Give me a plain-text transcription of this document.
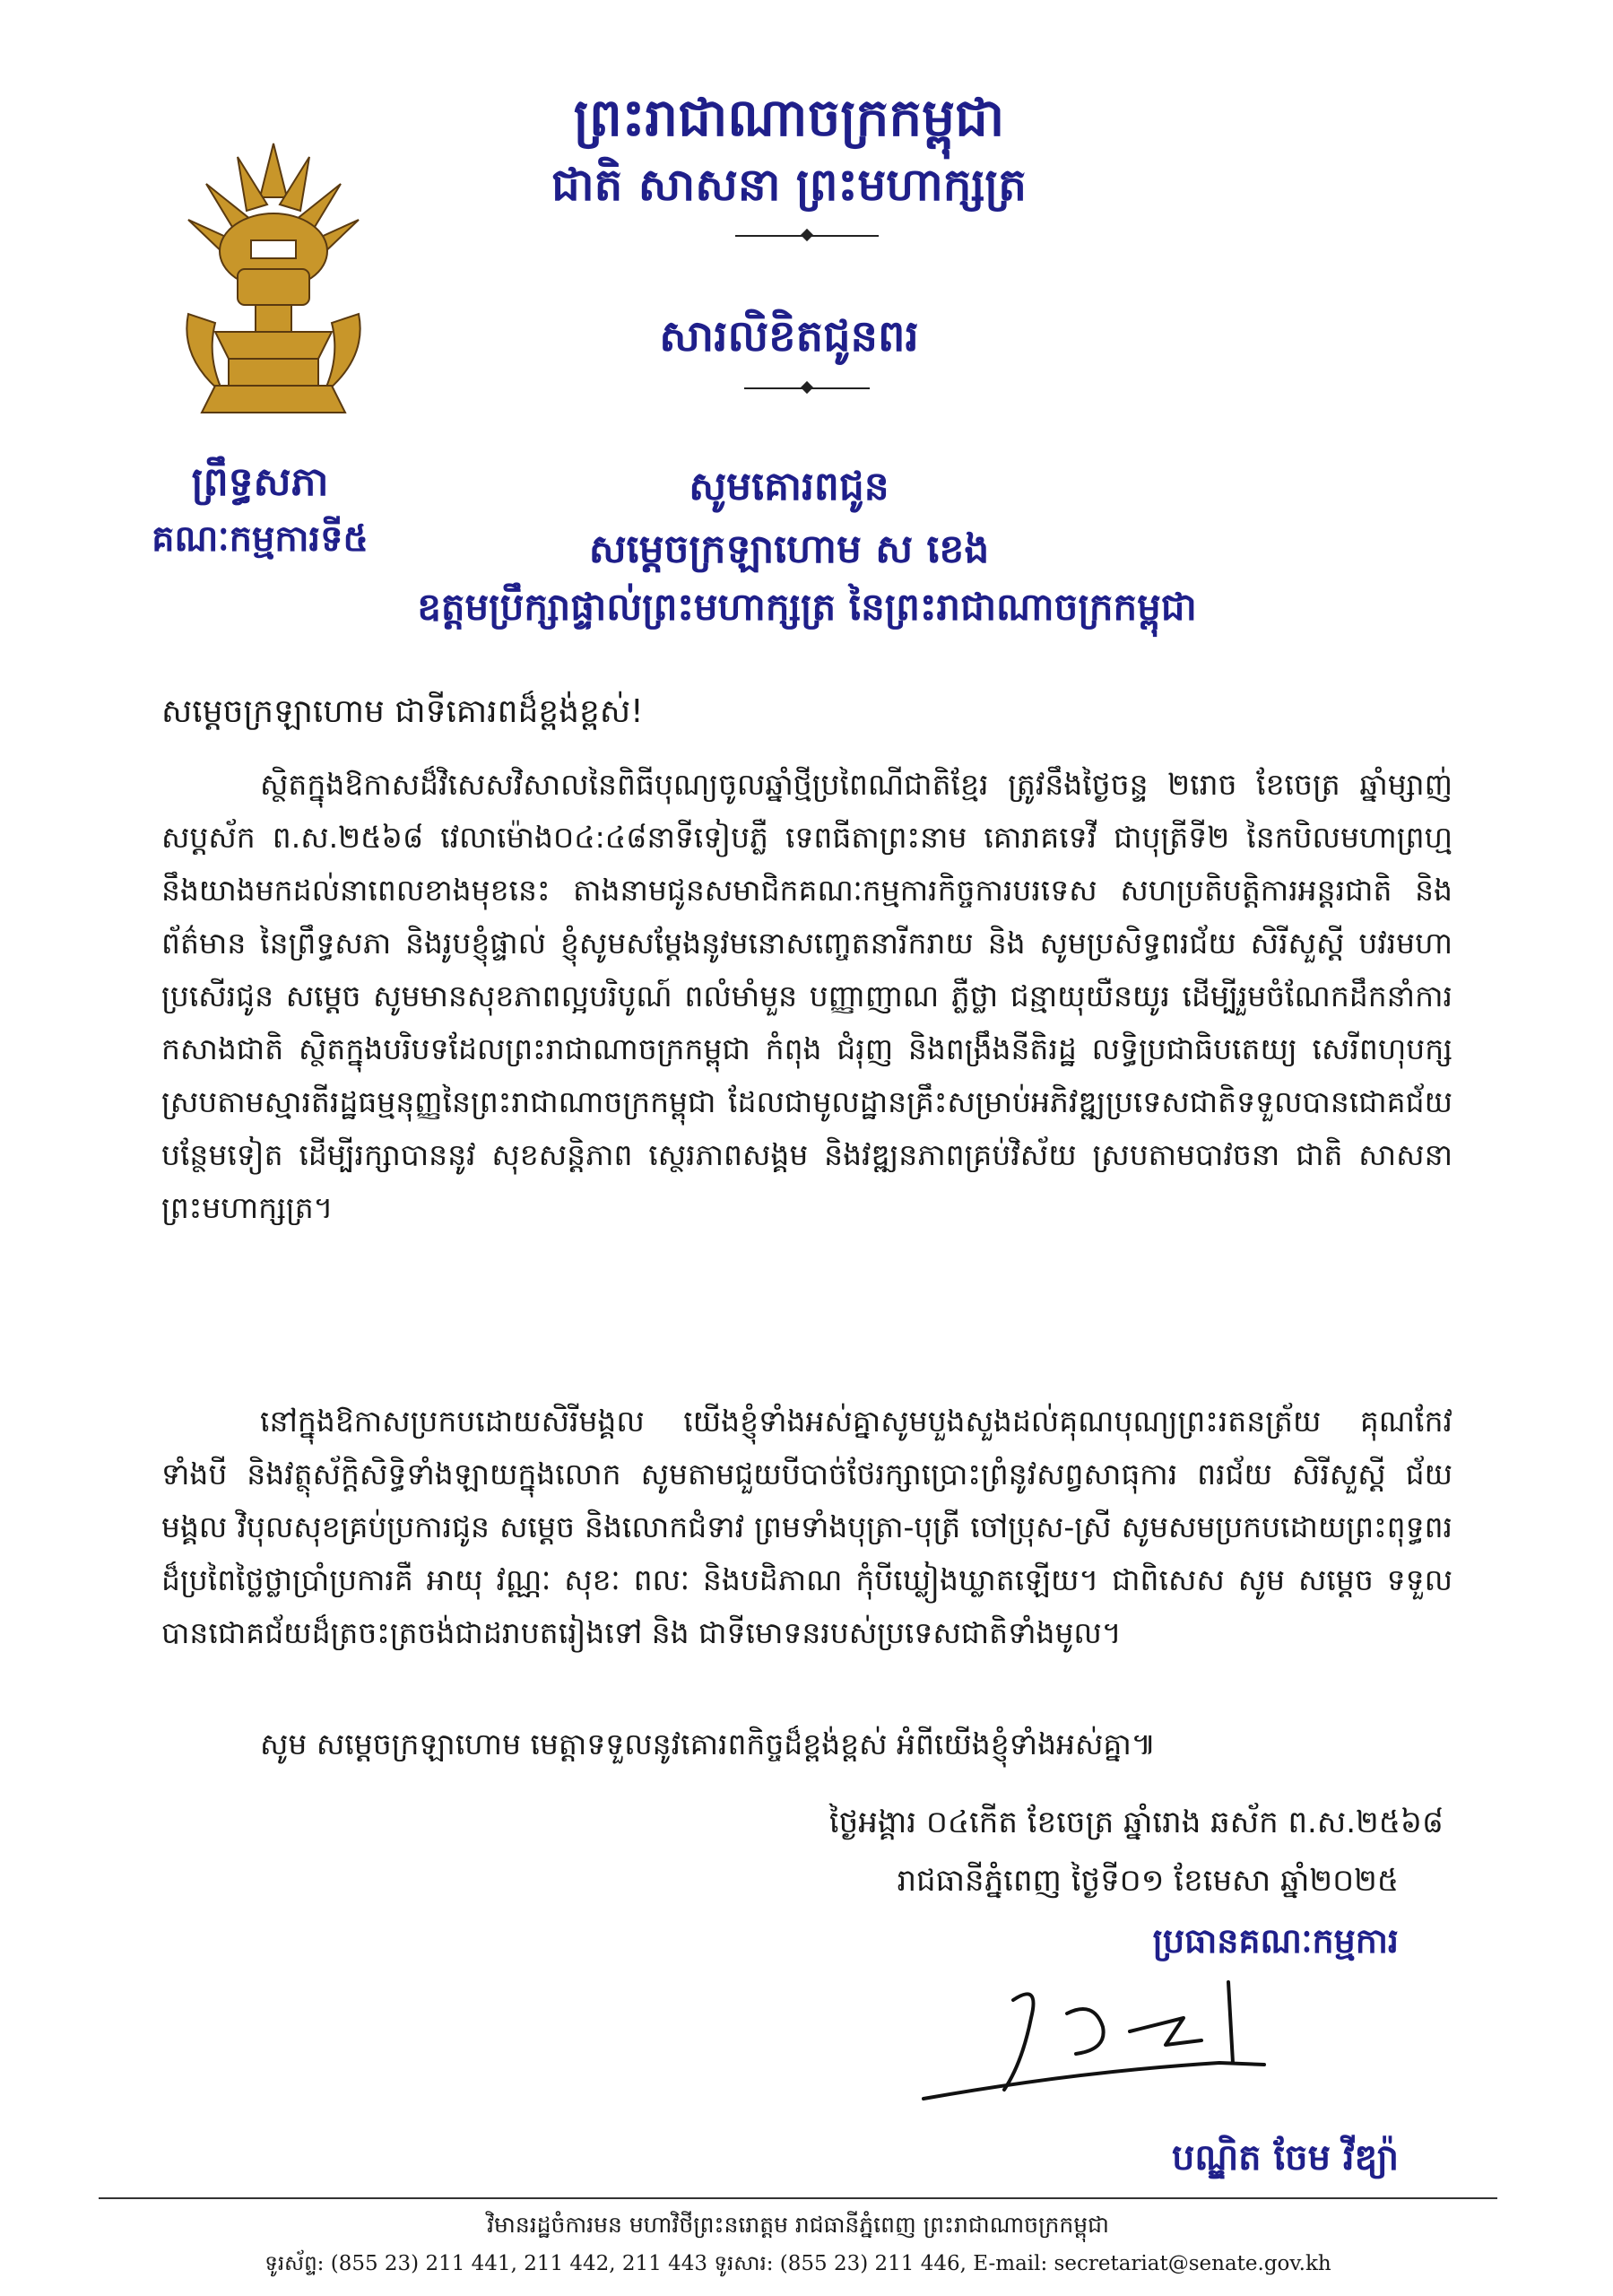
ព្រះរាជាណាចក្រកម្ពុជា
ជាតិ សាសនា ព្រះមហាក្សត្រ
សារលិខិតជូនពរ
ព្រឹទ្ធសភា
គណៈកម្មការទី៥
សូមគោរពជូន
សម្តេចក្រឡាហោម ស ខេង
ឧត្តមប្រឹក្សាផ្ទាល់ព្រះមហាក្សត្រ នៃព្រះរាជាណាចក្រកម្ពុជា
សម្តេចក្រឡាហោម ជាទីគោរពដ៏ខ្ពង់ខ្ពស់!
ស្ថិតក្នុងឱកាសដ៏វិសេសវិសាលនៃពិធីបុណ្យចូលឆ្នាំថ្មីប្រពៃណីជាតិខ្មែរ ត្រូវនឹងថ្ងៃចន្ទ ២រោច ខែចេត្រ ឆ្នាំម្សាញ់ សប្តស័ក ព.ស.២៥៦៨ វេលាម៉ោង០៤:៤៨នាទីទៀបភ្លឺ ទេពធីតាព្រះនាម គោរាគទេវី ជាបុត្រីទី២ នៃកបិលមហាព្រហ្ម នឹងយាងមកដល់នាពេលខាងមុខនេះ តាងនាមជូនសមាជិកគណៈកម្មការកិច្ចការបរទេស សហប្រតិបត្តិការអន្តរជាតិ និងព័ត៌មាន នៃព្រឹទ្ធសភា និងរូបខ្ញុំផ្ទាល់ ខ្ញុំសូមសម្តែងនូវមនោសញ្ចេតនារីករាយ និង សូមប្រសិទ្ធពរជ័យ សិរីសួស្តី បវរមហាប្រសើរជូន សម្តេច សូមមានសុខភាពល្អបរិបូណ៍ ពលំមាំមួន បញ្ញាញាណ ភ្លឺថ្លា ជន្មាយុយឺនយូរ ដើម្បីរួមចំណែកដឹកនាំការកសាងជាតិ ស្ថិតក្នុងបរិបទដែលព្រះរាជាណាចក្រកម្ពុជា កំពុង ជំរុញ និងពង្រឹងនីតិរដ្ឋ លទ្ធិប្រជាធិបតេយ្យ សេរីពហុបក្ស ស្របតាមស្មារតីរដ្ឋធម្មនុញ្ញនៃព្រះរាជាណាចក្រកម្ពុជា ដែលជាមូលដ្ឋានគ្រឹះសម្រាប់អភិវឌ្ឍប្រទេសជាតិទទួលបានជោគជ័យបន្ថែមទៀត ដើម្បីរក្សាបាននូវ សុខសន្តិភាព ស្ថេរភាពសង្គម និងវឌ្ឍនភាពគ្រប់វិស័យ ស្របតាមបាវចនា ជាតិ សាសនា ព្រះមហាក្សត្រ។
នៅក្នុងឱកាសប្រកបដោយសិរីមង្គល យើងខ្ញុំទាំងអស់គ្នាសូមបួងសួងដល់គុណបុណ្យព្រះរតនត្រ័យ គុណកែវទាំងបី និងវត្ថុស័ក្តិសិទ្ធិទាំងឡាយក្នុងលោក សូមតាមជួយបីបាច់ថែរក្សាប្រោះព្រំនូវសព្វសាធុការ ពរជ័យ សិរីសួស្តី ជ័យមង្គល វិបុលសុខគ្រប់ប្រការជូន សម្តេច និងលោកជំទាវ ព្រមទាំងបុត្រា-បុត្រី ចៅប្រុស-ស្រី សូមសមប្រកបដោយព្រះពុទ្ធពរដ៏ប្រពៃថ្លៃថ្លាប្រាំប្រការគឺ អាយុ វណ្ណៈ សុខៈ ពលៈ និងបដិភាណ កុំបីឃ្លៀងឃ្លាតឡើយ។ ជាពិសេស សូម សម្តេច ទទួលបានជោគជ័យដ៏ត្រចះត្រចង់ជាដរាបតរៀងទៅ និង ជាទីមោទនរបស់ប្រទេសជាតិទាំងមូល។
សូម សម្តេចក្រឡាហោម មេត្តាទទួលនូវគោរពកិច្ចដ៏ខ្ពង់ខ្ពស់ អំពីយើងខ្ញុំទាំងអស់គ្នា៕
ថ្ងៃអង្គារ ០៤កើត ខែចេត្រ ឆ្នាំរោង ឆស័ក ព.ស.២៥៦៨
រាជធានីភ្នំពេញ ថ្ងៃទី០១ ខែមេសា ឆ្នាំ២០២៥
ប្រធានគណៈកម្មការ
បណ្ឌិត ចែម វីឌ្យ៉ា
វិមានរដ្ឋចំការមន មហាវិថីព្រះនរោត្តម រាជធានីភ្នំពេញ ព្រះរាជាណាចក្រកម្ពុជា
ទូរស័ព្ទ: (855 23) 211 441, 211 442, 211 443 ទូរសារ: (855 23) 211 446, E-mail: secretariat@senate.gov.kh
